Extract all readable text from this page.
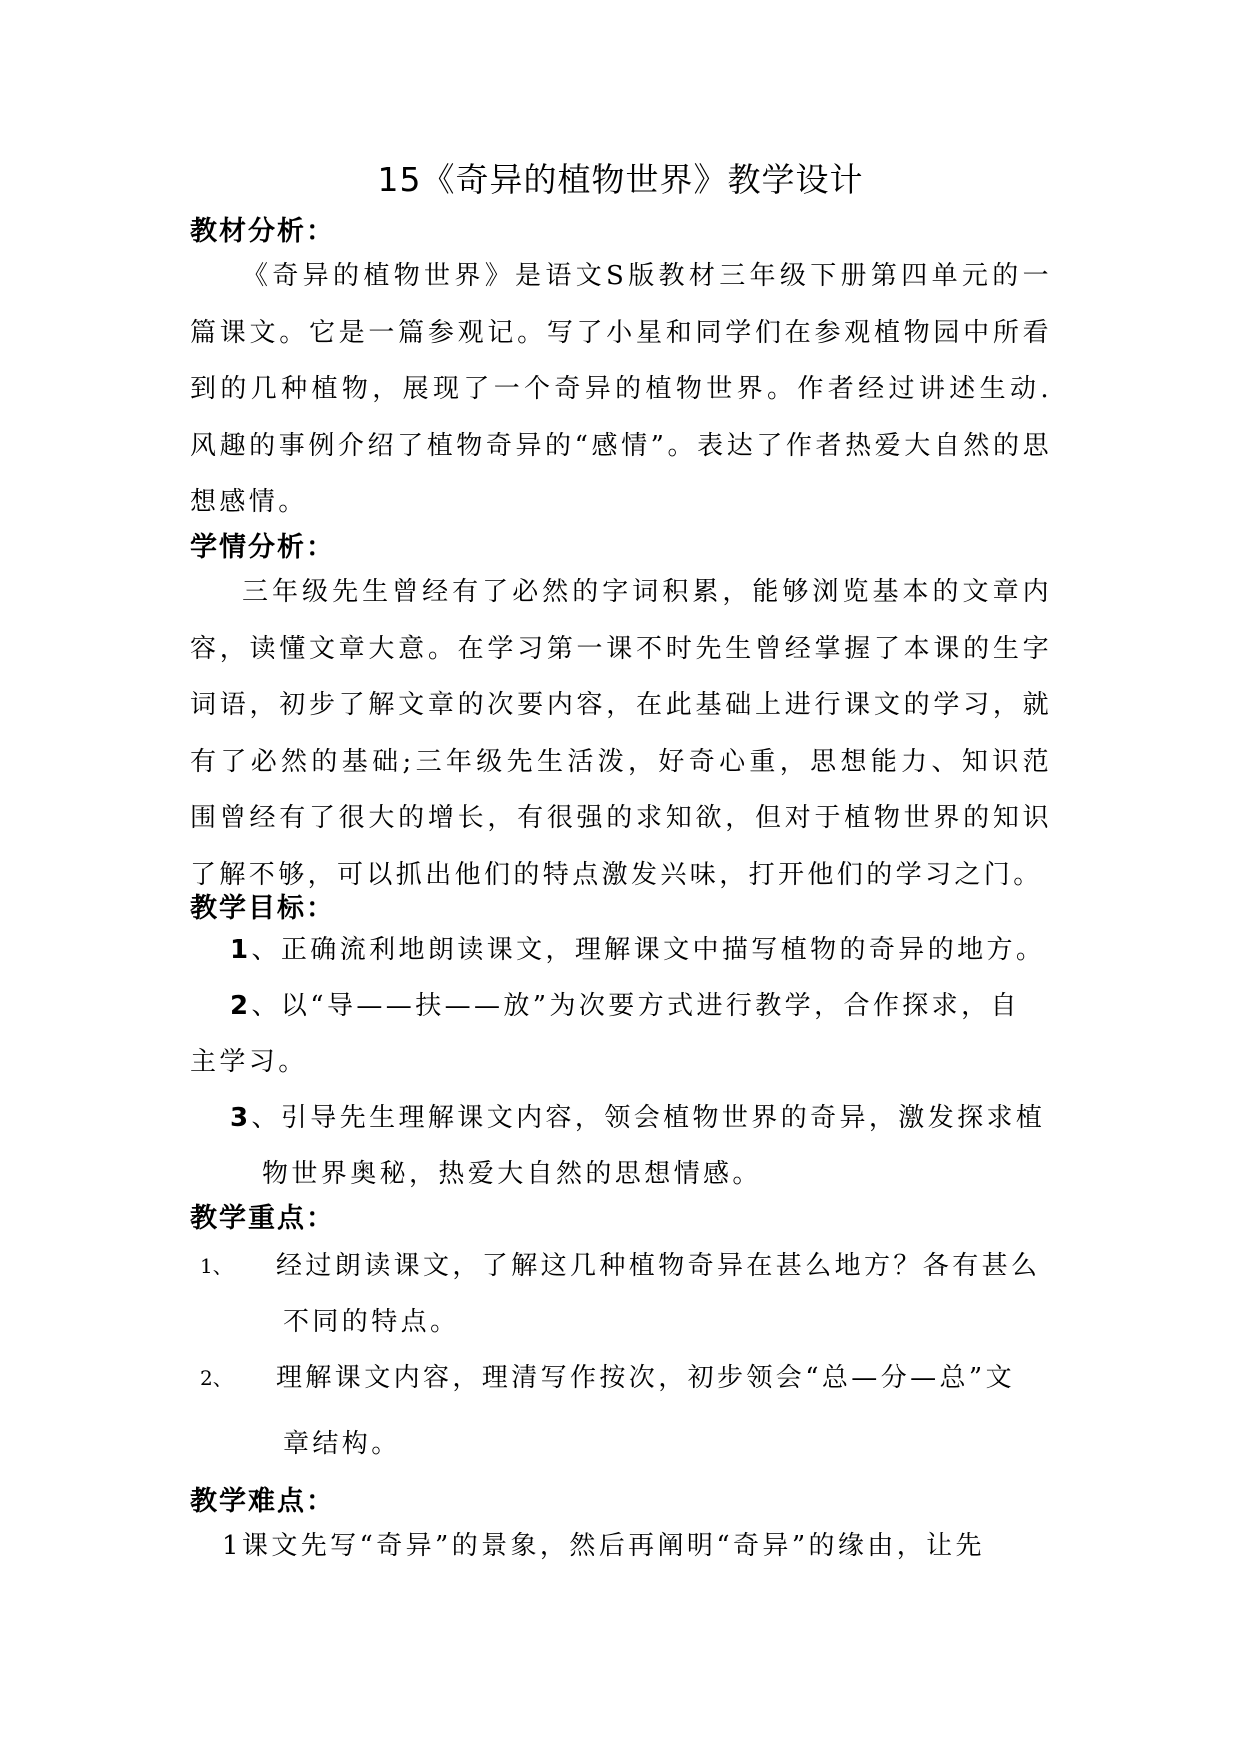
15《奇异的植物世界》教学设计
教材分析：
《奇异的植物世界》是语文S版教材三年级下册第四单元的一篇课文。它是一篇参观记。写了小星和同学们在参观植物园中所看到的几种植物，展现了一个奇异的植物世界。作者经过讲述生动.风趣的事例介绍了植物奇异的“感情”。表达了作者热爱大自然的思想感情。
学情分析：
三年级先生曾经有了必然的字词积累，能够浏览基本的文章内容，读懂文章大意。在学习第一课不时先生曾经掌握了本课的生字词语，初步了解文章的次要内容，在此基础上进行课文的学习，就有了必然的基础;三年级先生活泼，好奇心重，思想能力、知识范围曾经有了很大的增长，有很强的求知欲，但对于植物世界的知识了解不够，可以抓出他们的特点激发兴味，打开他们的学习之门。
教学目标：
1、正确流利地朗读课文，理解课文中描写植物的奇异的地方。
2、以“导——扶——放”为次要方式进行教学，合作探求，自
主学习。
3、引导先生理解课文内容，领会植物世界的奇异，激发探求植
物世界奥秘，热爱大自然的思想情感。
教学重点：
1、 经过朗读课文，了解这几种植物奇异在甚么地方？各有甚么
不同的特点。
2、 理解课文内容，理清写作按次，初步领会“总—分—总”文
章结构。
教学难点：
1课文先写“奇异”的景象，然后再阐明“奇异”的缘由，让先
